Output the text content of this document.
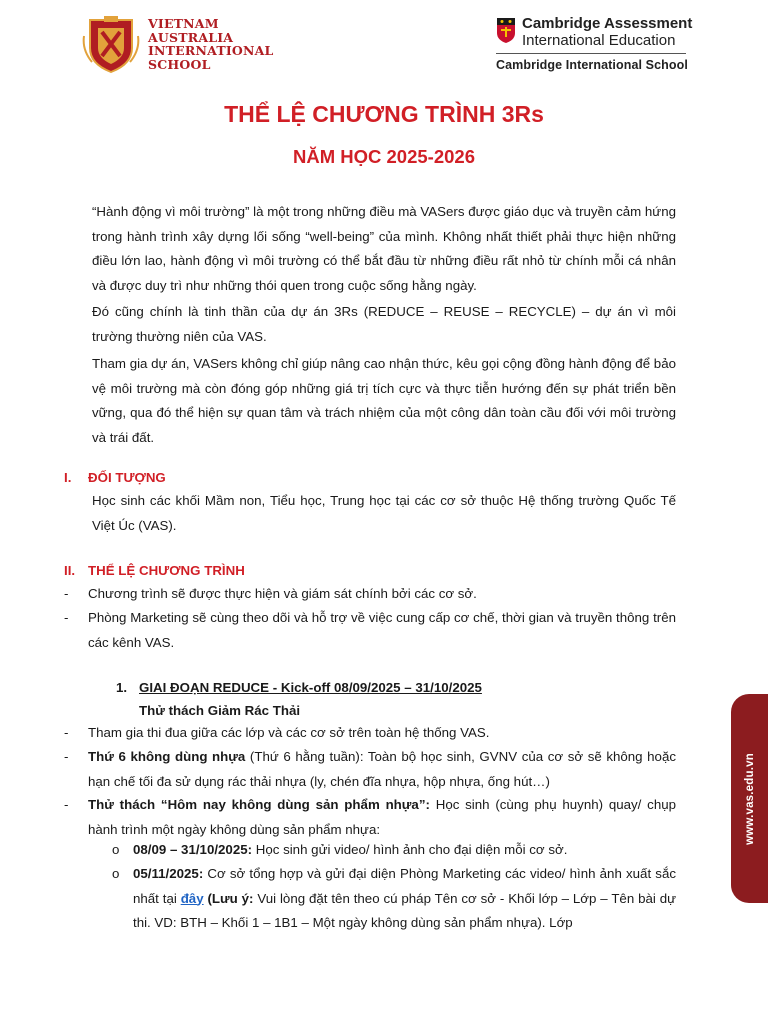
VIETNAM
AUSTRALIA
INTERNATIONAL
SCHOOL
Cambridge Assessment
International Education
Cambridge International School
THỂ LỆ CHƯƠNG TRÌNH 3Rs
NĂM HỌC 2025-2026
“Hành động vì môi trường” là một trong những điều mà VASers được giáo dục và truyền cảm hứng trong hành trình xây dựng lối sống “well-being” của mình. Không nhất thiết phải thực hiện những điều lớn lao, hành động vì môi trường có thể bắt đầu từ những điều rất nhỏ từ chính mỗi cá nhân và được duy trì như những thói quen trong cuộc sống hằng ngày.
Đó cũng chính là tinh thần của dự án 3Rs (REDUCE – REUSE – RECYCLE) – dự án vì môi trường thường niên của VAS.
Tham gia dự án, VASers không chỉ giúp nâng cao nhận thức, kêu gọi cộng đồng hành động để bảo vệ môi trường mà còn đóng góp những giá trị tích cực và thực tiễn hướng đến sự phát triển bền vững, qua đó thể hiện sự quan tâm và trách nhiệm của một công dân toàn cầu đối với môi trường và trái đất.
I.	ĐỐI TƯỢNG
Học sinh các khối Mầm non, Tiểu học, Trung học tại các cơ sở thuộc Hệ thống trường Quốc Tế Việt Úc (VAS).
II. THỂ LỆ CHƯƠNG TRÌNH
-	Chương trình sẽ được thực hiện và giám sát chính bởi các cơ sở.
-	Phòng Marketing sẽ cùng theo dõi và hỗ trợ về việc cung cấp cơ chế, thời gian và truyền thông trên các kênh VAS.
1. GIAI ĐOẠN REDUCE - Kick-off 08/09/2025 – 31/10/2025
Thử thách Giảm Rác Thải
-	Tham gia thi đua giữa các lớp và các cơ sở trên toàn hệ thống VAS.
-	Thứ 6 không dùng nhựa (Thứ 6 hằng tuần): Toàn bộ học sinh, GVNV của cơ sở sẽ không hoặc hạn chế tối đa sử dụng rác thải nhựa (ly, chén đĩa nhựa, hộp nhựa, ống hút…)
-	Thử thách “Hôm nay không dùng sản phẩm nhựa”: Học sinh (cùng phụ huynh) quay/ chụp hành trình một ngày không dùng sản phẩm nhựa:
o	08/09 – 31/10/2025: Học sinh gửi video/ hình ảnh cho đại diện mỗi cơ sở.
o	05/11/2025: Cơ sở tổng hợp và gửi đại diện Phòng Marketing các video/ hình ảnh xuất sắc nhất tại đây (Lưu ý: Vui lòng đặt tên theo cú pháp Tên cơ sở - Khối lớp – Lớp – Tên bài dự thi. VD: BTH – Khối 1 – 1B1 – Một ngày không dùng sản phẩm nhựa). Lớp
www.vas.edu.vn
